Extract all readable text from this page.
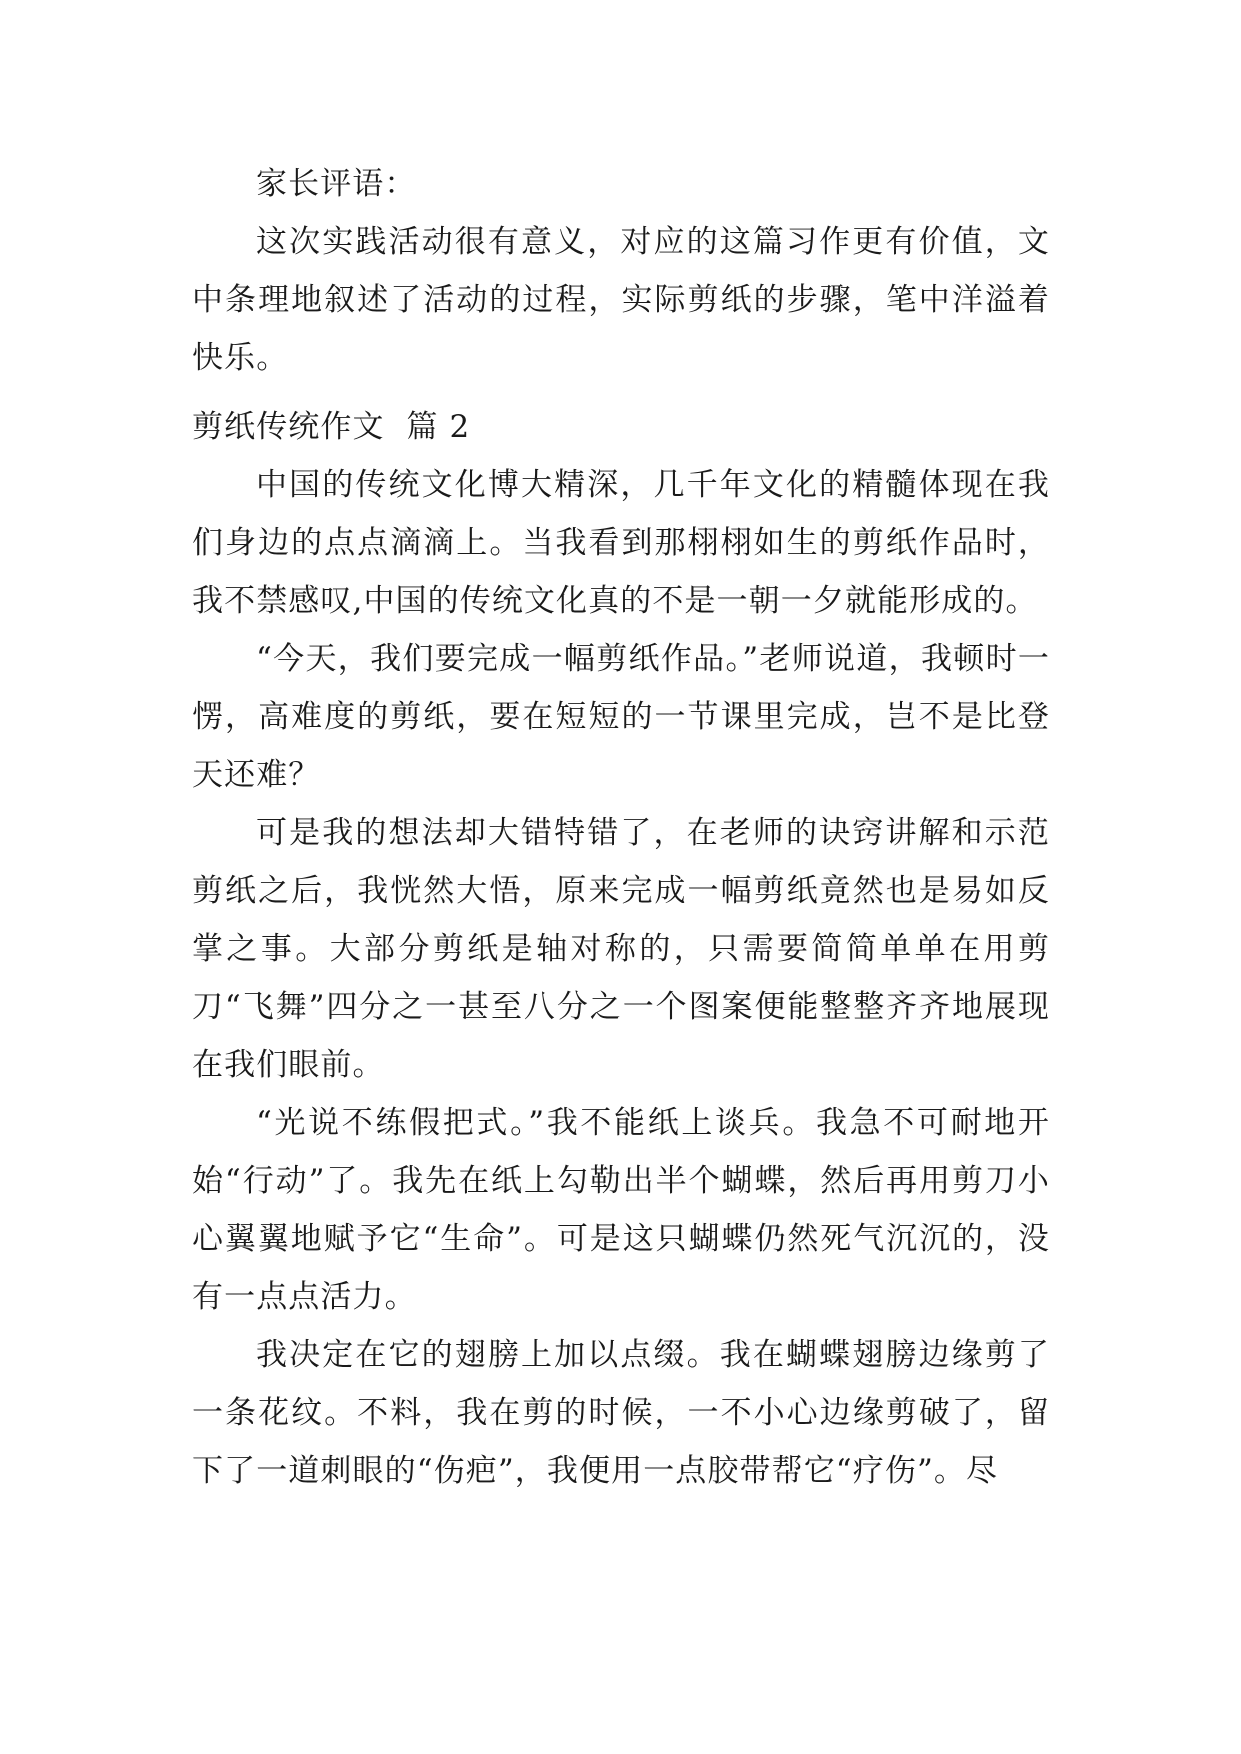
家长评语：

这次实践活动很有意义，对应的这篇习作更有价值，文中条理地叙述了活动的过程，实际剪纸的步骤，笔中洋溢着快乐。

剪纸传统作文  篇 2

中国的传统文化博大精深，几千年文化的精髓体现在我们身边的点点滴滴上。当我看到那栩栩如生的剪纸作品时，我不禁感叹,中国的传统文化真的不是一朝一夕就能形成的。

“今天，我们要完成一幅剪纸作品。”老师说道，我顿时一愣，高难度的剪纸，要在短短的一节课里完成，岂不是比登天还难？

可是我的想法却大错特错了，在老师的诀窍讲解和示范剪纸之后，我恍然大悟，原来完成一幅剪纸竟然也是易如反掌之事。大部分剪纸是轴对称的，只需要简简单单在用剪刀“飞舞”四分之一甚至八分之一个图案便能整整齐齐地展现在我们眼前。

“光说不练假把式。”我不能纸上谈兵。我急不可耐地开始“行动”了。我先在纸上勾勒出半个蝴蝶，然后再用剪刀小心翼翼地赋予它“生命”。可是这只蝴蝶仍然死气沉沉的，没有一点点活力。

我决定在它的翅膀上加以点缀。我在蝴蝶翅膀边缘剪了一条花纹。不料，我在剪的时候，一不小心边缘剪破了，留下了一道刺眼的“伤疤”，我便用一点胶带帮它“疗伤”。尽
